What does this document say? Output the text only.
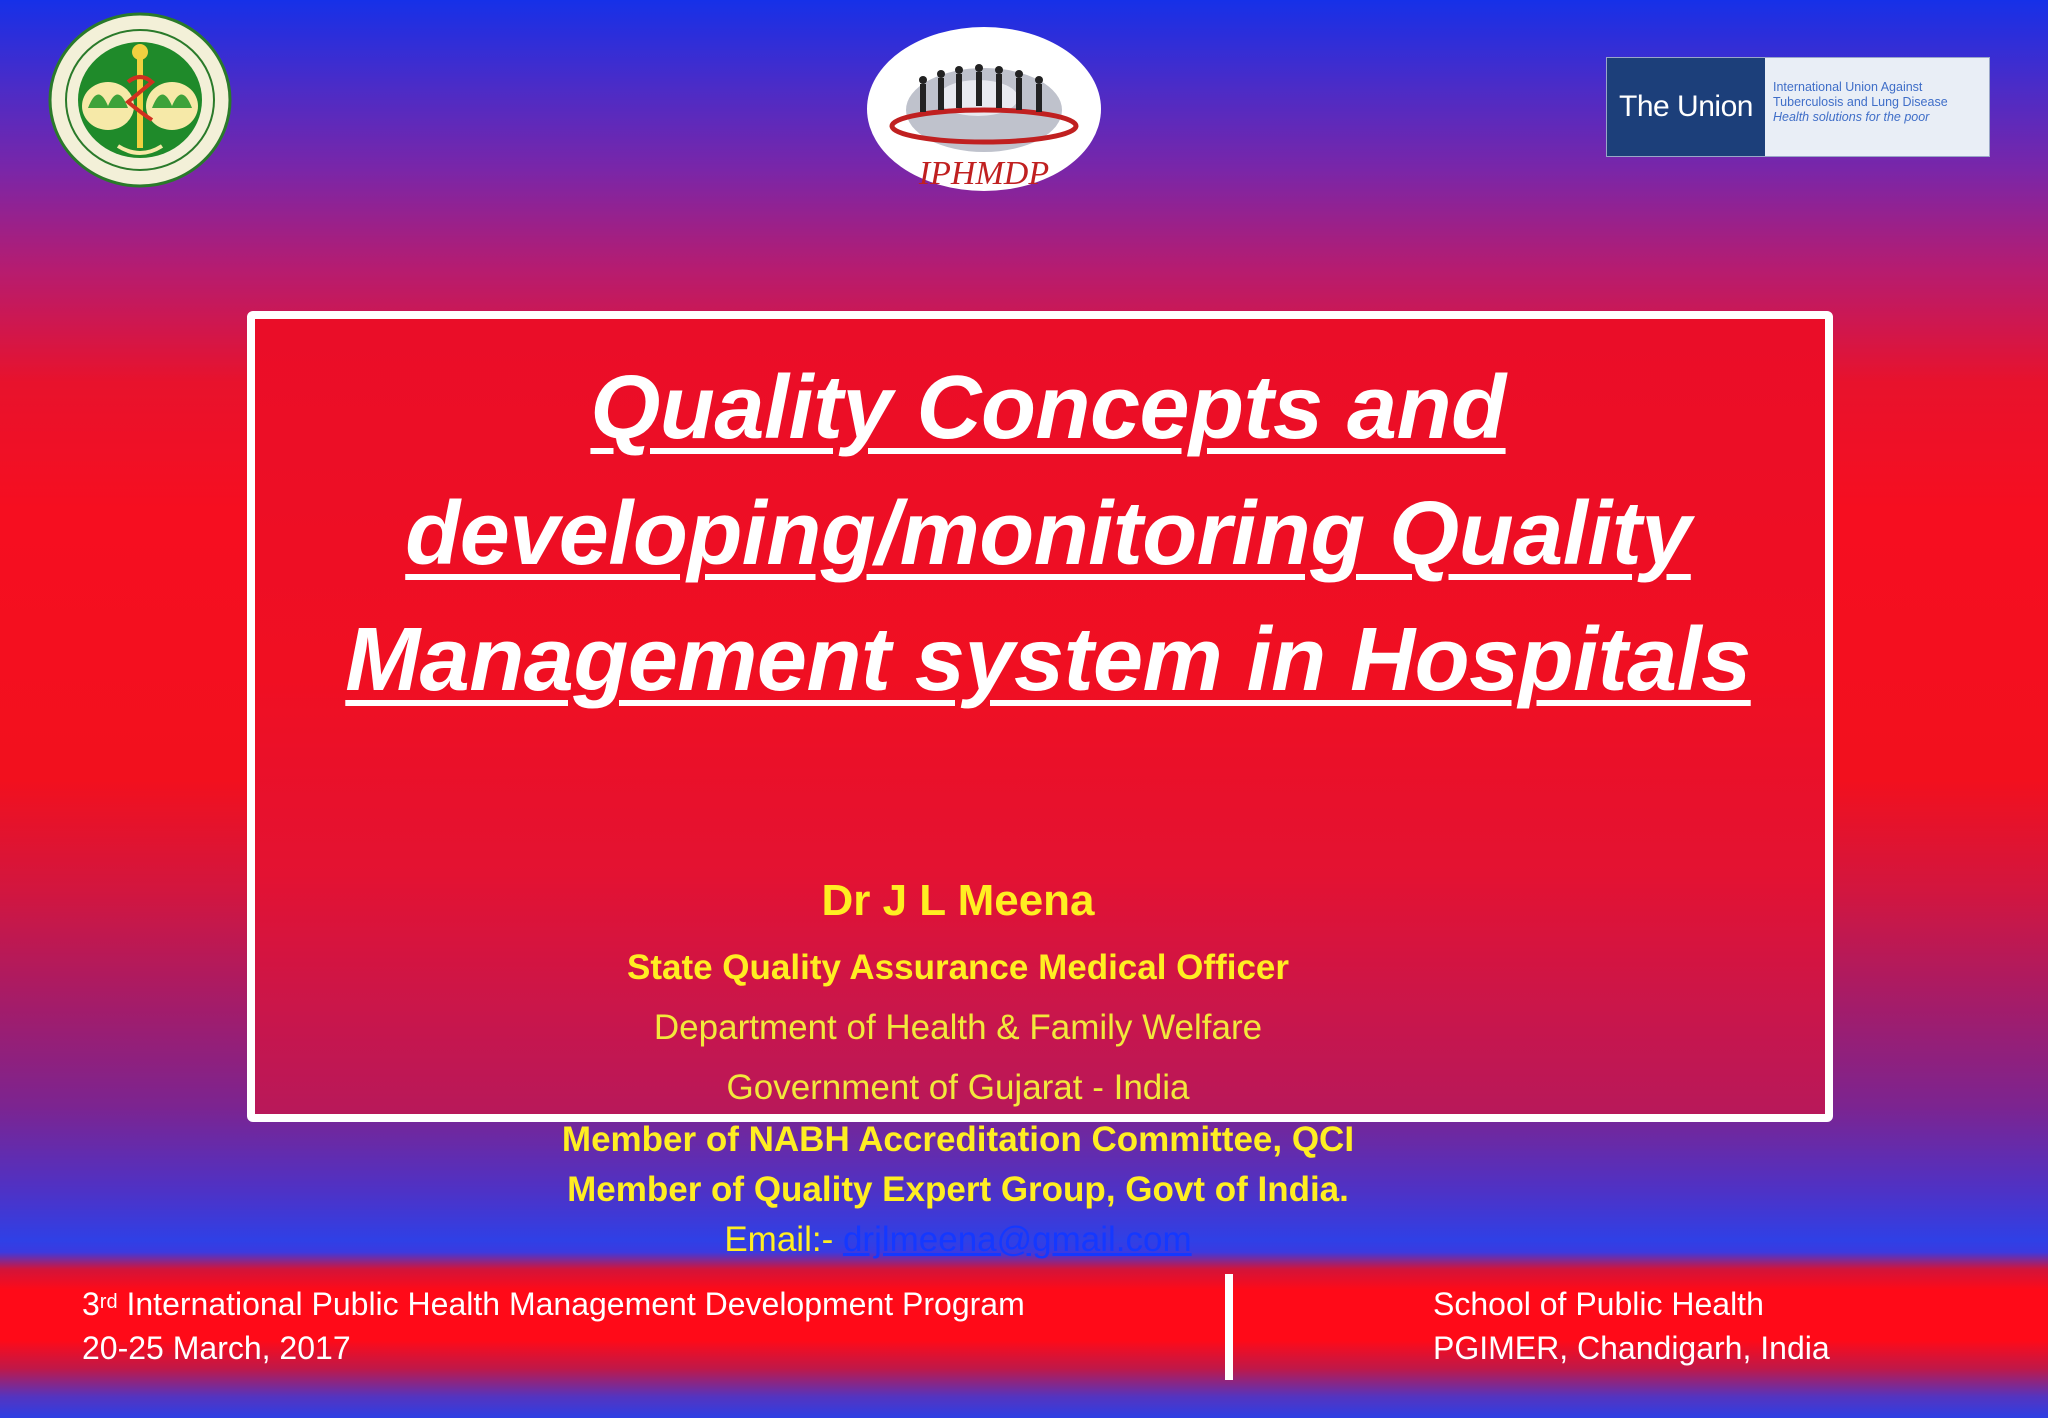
IPHMDP
The Union
International Union Against
Tuberculosis and Lung Disease
Health solutions for the poor
Quality Concepts and developing/monitoring Quality Management system in Hospitals
Dr J L Meena
State Quality Assurance Medical Officer
Department of Health & Family Welfare
Government of Gujarat - India
Member of NABH Accreditation Committee, QCI
Member of Quality Expert Group, Govt of India.
Email:- drjlmeena@gmail.com
3rd International Public Health Management Development Program
20-25 March, 2017
School of Public Health
PGIMER, Chandigarh, India
